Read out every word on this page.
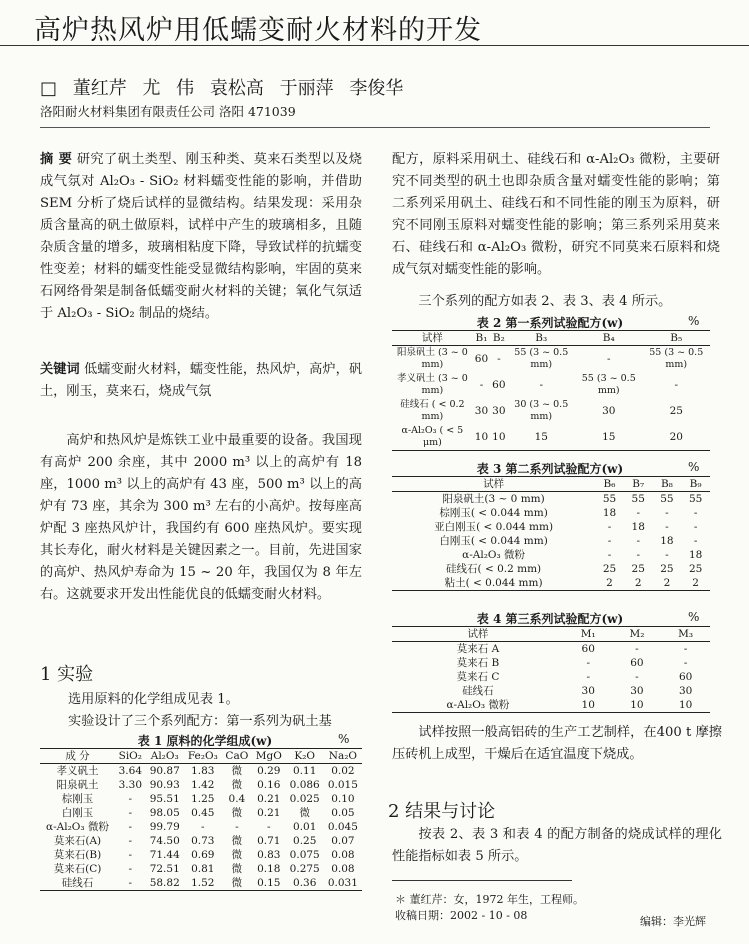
高炉热风炉用低蠕变耐火材料的开发
□ 董红芹 尤 伟 袁松高 于丽萍 李俊华
洛阳耐火材料集团有限责任公司 洛阳 471039
摘 要 研究了矾土类型、刚玉种类、莫来石类型以及烧成气氛对 Al₂O₃ - SiO₂ 材料蠕变性能的影响，并借助 SEM 分析了烧后试样的显微结构。结果发现：采用杂质含量高的矾土做原料，试样中产生的玻璃相多，且随杂质含量的增多，玻璃相粘度下降，导致试样的抗蠕变性变差；材料的蠕变性能受显微结构影响，牢固的莫来石网络骨架是制备低蠕变耐火材料的关键；氧化气氛适于 Al₂O₃ - SiO₂ 制品的烧结。
关键词 低蠕变耐火材料，蠕变性能，热风炉，高炉，矾土，刚玉，莫来石，烧成气氛
高炉和热风炉是炼铁工业中最重要的设备。我国现有高炉 200 余座，其中 2000 m³ 以上的高炉有 18 座，1000 m³ 以上的高炉有 43 座，500 m³ 以上的高炉有 73 座，其余为 300 m³ 左右的小高炉。按每座高炉配 3 座热风炉计，我国约有 600 座热风炉。要实现其长寿化，耐火材料是关键因素之一。目前，先进国家的高炉、热风炉寿命为 15 ~ 20 年，我国仅为 8 年左右。这就要求开发出性能优良的低蠕变耐火材料。
1 实验
选用原料的化学组成见表 1。
实验设计了三个系列配方：第一系列为矾土基
表 1 原料的化学组成(w)	%
成 分	SiO₂	Al₂O₃	Fe₂O₃	CaO	MgO	K₂O	Na₂O
孝义矾土	3.64	90.87	1.83	微	0.29	0.11	0.02
阳泉矾土	3.30	90.93	1.42	微	0.16	0.086	0.015
棕刚玉	-	95.51	1.25	0.4	0.21	0.025	0.10
白刚玉	-	98.05	0.45	微	0.21	微	0.05
α-Al₂O₃ 微粉	-	99.79	-	-	-	0.01	0.045
莫来石(A)	-	74.50	0.73	微	0.71	0.25	0.07
莫来石(B)	-	71.44	0.69	微	0.83	0.075	0.08
莫来石(C)	-	72.51	0.81	微	0.18	0.275	0.08
硅线石	-	58.82	1.52	微	0.15	0.36	0.031
配方，原料采用矾土、硅线石和 α-Al₂O₃ 微粉，主要研究不同类型的矾土也即杂质含量对蠕变性能的影响；第二系列采用矾土、硅线石和不同性能的刚玉为原料，研究不同刚玉原料对蠕变性能的影响；第三系列采用莫来石、硅线石和 α-Al₂O₃ 微粉，研究不同莫来石原料和烧成气氛对蠕变性能的影响。
三个系列的配方如表 2、表 3、表 4 所示。
表 2 第一系列试验配方(w)	%
试样	B₁	B₂	B₃	B₄	B₅
阳泉矾土 (3 ~ 0 mm)	60	-	55 (3 ~ 0.5 mm)	-	55 (3 ~ 0.5 mm)
孝义矾土 (3 ~ 0 mm)	-	60	-	55 (3 ~ 0.5 mm)	-
硅线石 ( < 0.2 mm)	30	30	30 (3 ~ 0.5 mm)	30	25
α-Al₂O₃ ( < 5 μm)	10	10	15	15	20
表 3 第二系列试验配方(w)	%
试样	B₆	B₇	B₈	B₉
阳泉矾土(3 ~ 0 mm)	55	55	55	55
棕刚玉( < 0.044 mm)	18	-	-	-
亚白刚玉( < 0.044 mm)	-	18	-	-
白刚玉( < 0.044 mm)	-	-	18	-
α-Al₂O₃ 微粉	-	-	-	18
硅线石( < 0.2 mm)	25	25	25	25
粘土( < 0.044 mm)	2	2	2	2
表 4 第三系列试验配方(w)	%
试样	M₁	M₂	M₃
莫来石 A	60	-	-
莫来石 B	-	60	-
莫来石 C	-	-	60
硅线石	30	30	30
α-Al₂O₃ 微粉	10	10	10
试样按照一般高铝砖的生产工艺制样，在400 t 摩擦压砖机上成型，干燥后在适宜温度下烧成。
2 结果与讨论
按表 2、表 3 和表 4 的配方制备的烧成试样的理化性能指标如表 5 所示。
＊ 董红芹：女，1972 年生，工程师。
收稿日期：2002 - 10 - 08	编辑：李光辉
